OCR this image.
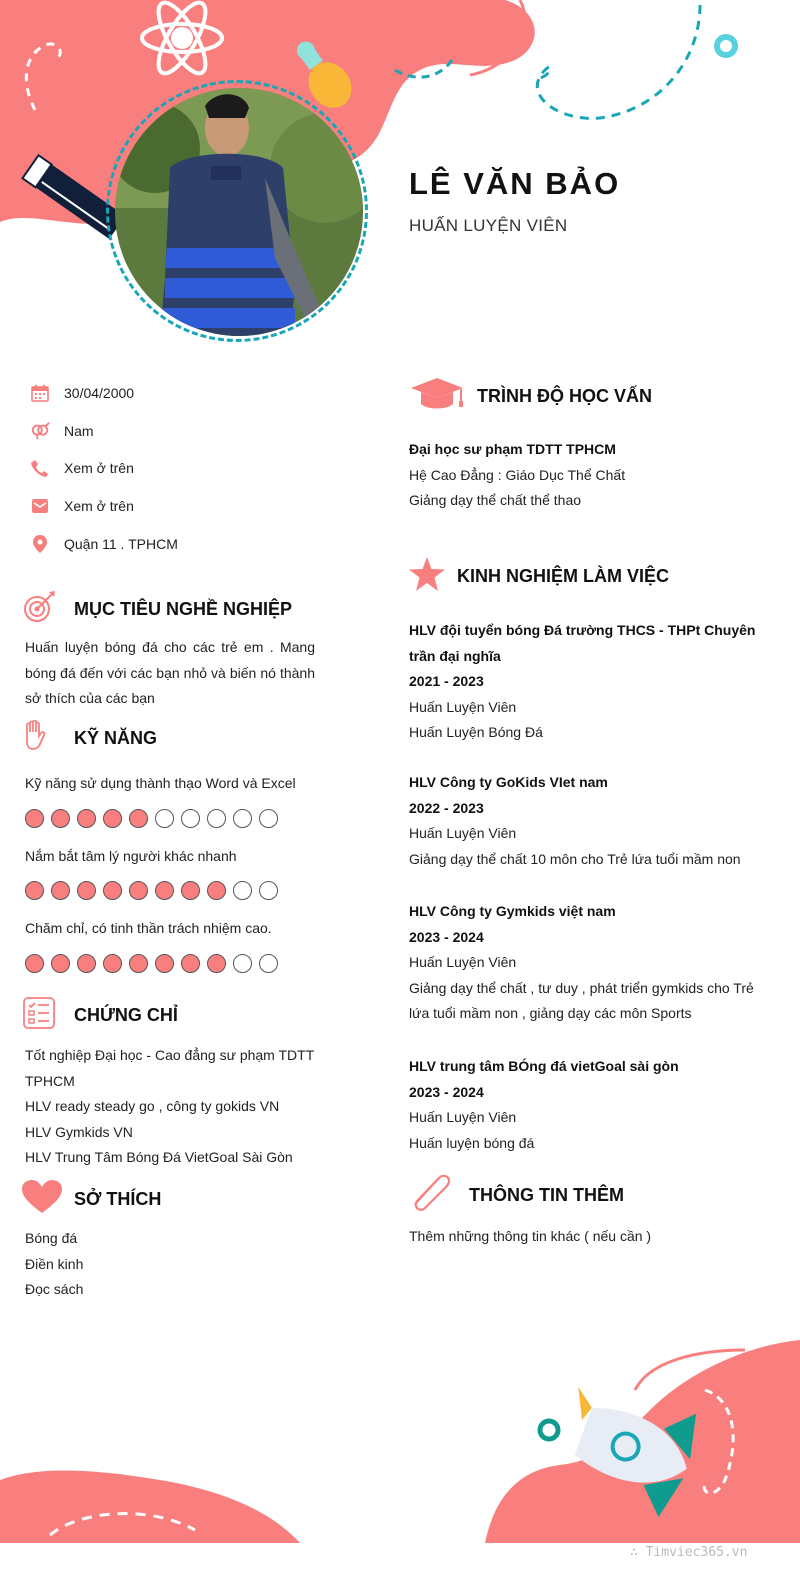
LÊ VĂN BẢO
HUẤN LUYỆN VIÊN
30/04/2000
Nam
Xem ở trên
Xem ở trên
Quận 11 . TPHCM
MỤC TIÊU NGHỀ NGHIỆP
Huấn luyện bóng đá cho các trẻ em . Mang bóng đá đến với các bạn nhỏ và biến nó thành sở thích của các bạn
KỸ NĂNG
Kỹ năng sử dụng thành thạo Word và Excel
Nắm bắt tâm lý người khác nhanh
Chăm chỉ, có tinh thần trách nhiệm cao.
CHỨNG CHỈ
Tốt nghiệp Đại học - Cao đẳng sư phạm TDTT
TPHCM
HLV ready steady go , công ty gokids VN
HLV Gymkids VN
HLV Trung Tâm Bóng Đá VietGoal Sài Gòn
SỞ THÍCH
Bóng đá
Điền kinh
Đọc sách
TRÌNH ĐỘ HỌC VẤN
Đại học sư phạm TDTT TPHCM
Hệ Cao Đẳng : Giáo Dục Thể Chất
Giảng dạy thể chất thể thao
KINH NGHIỆM LÀM VIỆC
HLV đội tuyển bóng Đá trường THCS - THPt Chuyên trần đại nghĩa
2021 - 2023
Huấn Luyện Viên
Huấn Luyện Bóng Đá
HLV Công ty GoKids VIet nam
2022 - 2023
Huấn Luyện Viên
Giảng dạy thể chất 10 môn cho Trẻ lứa tuổi mầm non
HLV Công ty Gymkids việt nam
2023 - 2024
Huấn Luyện Viên
Giảng dạy thể chất , tư duy , phát triển gymkids cho Trẻ lứa tuổi mầm non , giảng dạy các môn Sports
HLV trung tâm BÓng đá vietGoal sài gòn
2023 - 2024
Huấn Luyện Viên
Huấn luyện bóng đá
THÔNG TIN THÊM
Thêm những thông tin khác ( nếu cần )
∴ Timviec365.vn
